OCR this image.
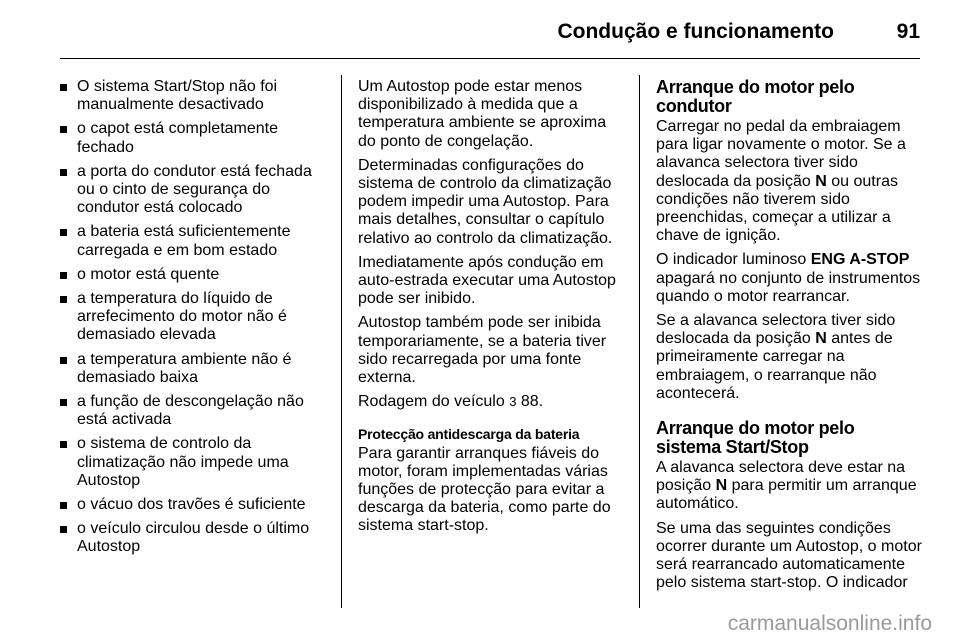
Condução e funcionamento	91
O sistema Start/Stop não foi manualmente desactivado
o capot está completamente fechado
a porta do condutor está fechada ou o cinto de segurança do condutor está colocado
a bateria está suficientemente carregada e em bom estado
o motor está quente
a temperatura do líquido de arrefecimento do motor não é demasiado elevada
a temperatura ambiente não é demasiado baixa
a função de descongelação não está activada
o sistema de controlo da climatização não impede uma Autostop
o vácuo dos travões é suficiente
o veículo circulou desde o último Autostop

Um Autostop pode estar menos disponibilizado à medida que a temperatura ambiente se aproxima do ponto de congelação.

Determinadas configurações do sistema de controlo da climatização podem impedir uma Autostop. Para mais detalhes, consultar o capítulo relativo ao controlo da climatização.

Imediatamente após condução em auto-estrada executar uma Autostop pode ser inibido.

Autostop também pode ser inibida temporariamente, se a bateria tiver sido recarregada por uma fonte externa.

Rodagem do veículo 3 88.

Protecção antidescarga da bateria

Para garantir arranques fiáveis do motor, foram implementadas várias funções de protecção para evitar a descarga da bateria, como parte do sistema start-stop.

Arranque do motor pelo condutor

Carregar no pedal da embraiagem para ligar novamente o motor. Se a alavanca selectora tiver sido deslocada da posição N ou outras condições não tiverem sido preenchidas, começar a utilizar a chave de ignição.

O indicador luminoso ENG A-STOP apagará no conjunto de instrumentos quando o motor rearrancar.

Se a alavanca selectora tiver sido deslocada da posição N antes de primeiramente carregar na embraiagem, o rearranque não acontecerá.

Arranque do motor pelo sistema Start/Stop

A alavanca selectora deve estar na posição N para permitir um arranque automático.

Se uma das seguintes condições ocorrer durante um Autostop, o motor será rearrancado automaticamente pelo sistema start-stop. O indicador

carmanualsonline.info
